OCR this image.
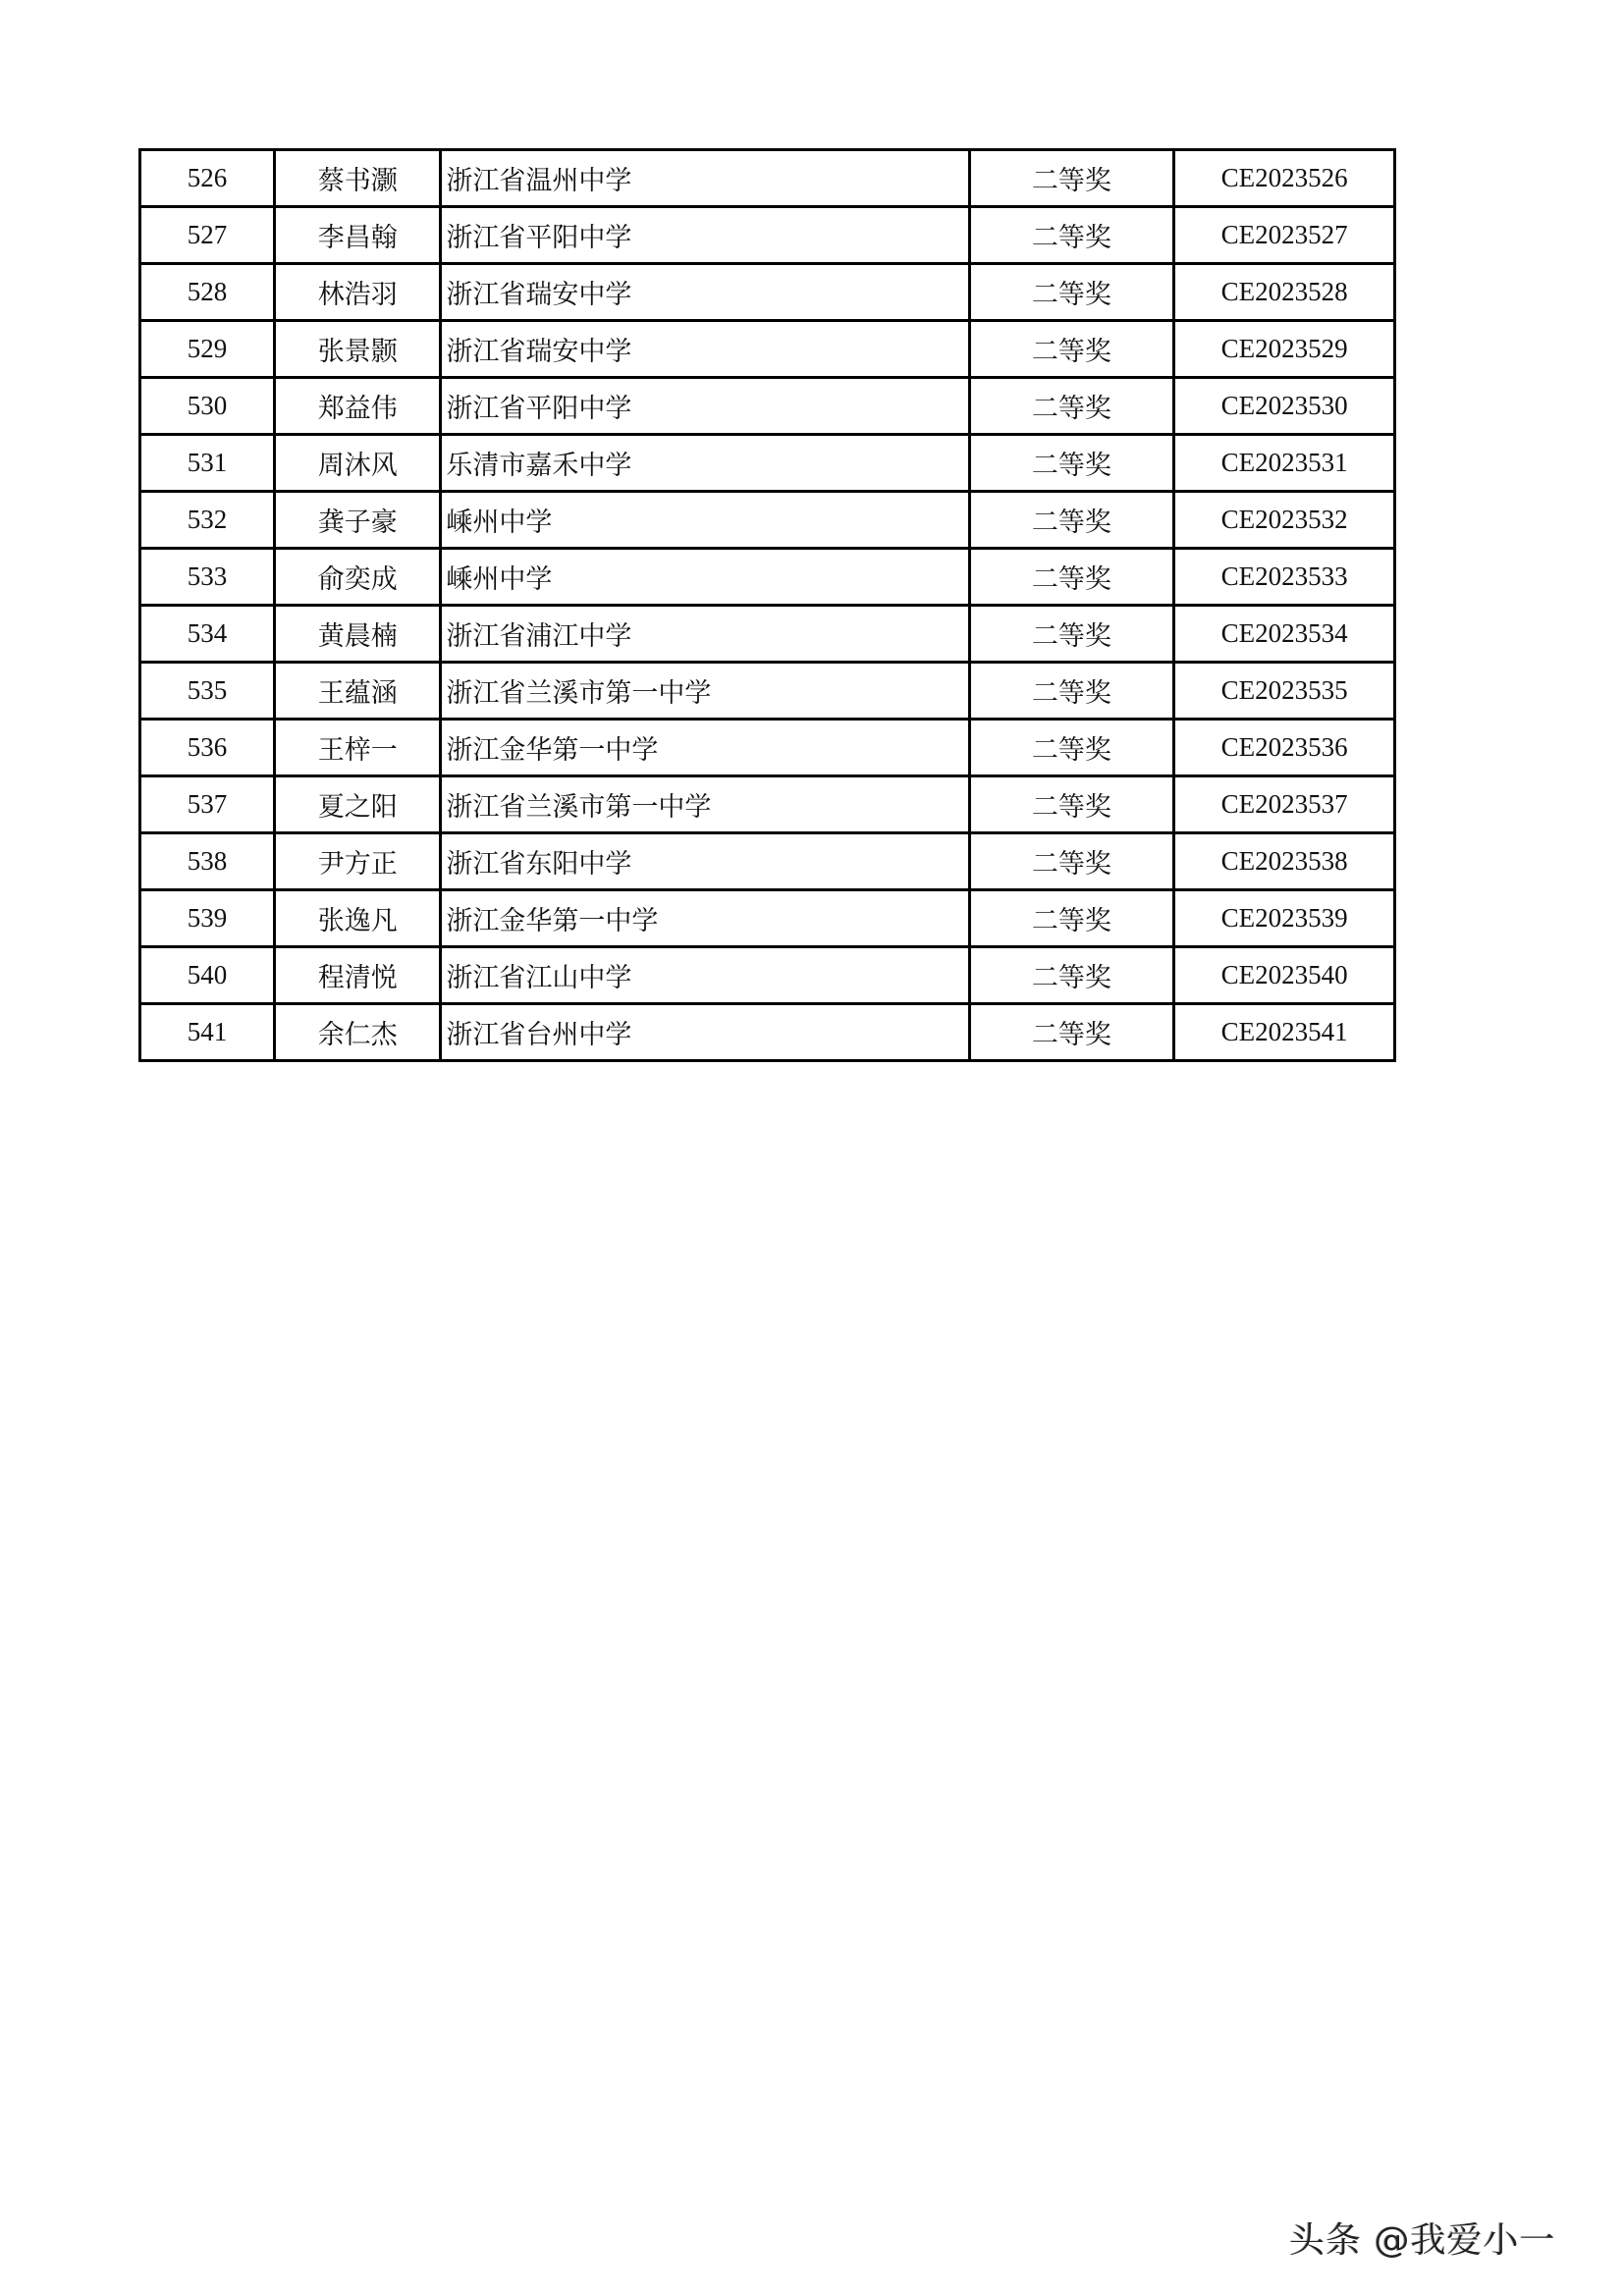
526	蔡书灏	浙江省温州中学	二等奖	CE2023526
527	李昌翰	浙江省平阳中学	二等奖	CE2023527
528	林浩羽	浙江省瑞安中学	二等奖	CE2023528
529	张景颢	浙江省瑞安中学	二等奖	CE2023529
530	郑益伟	浙江省平阳中学	二等奖	CE2023530
531	周沐风	乐清市嘉禾中学	二等奖	CE2023531
532	龚子豪	嵊州中学	二等奖	CE2023532
533	俞奕成	嵊州中学	二等奖	CE2023533
534	黄晨楠	浙江省浦江中学	二等奖	CE2023534
535	王蕴涵	浙江省兰溪市第一中学	二等奖	CE2023535
536	王梓一	浙江金华第一中学	二等奖	CE2023536
537	夏之阳	浙江省兰溪市第一中学	二等奖	CE2023537
538	尹方正	浙江省东阳中学	二等奖	CE2023538
539	张逸凡	浙江金华第一中学	二等奖	CE2023539
540	程清悦	浙江省江山中学	二等奖	CE2023540
541	余仁杰	浙江省台州中学	二等奖	CE2023541
头条 @我爱小一
